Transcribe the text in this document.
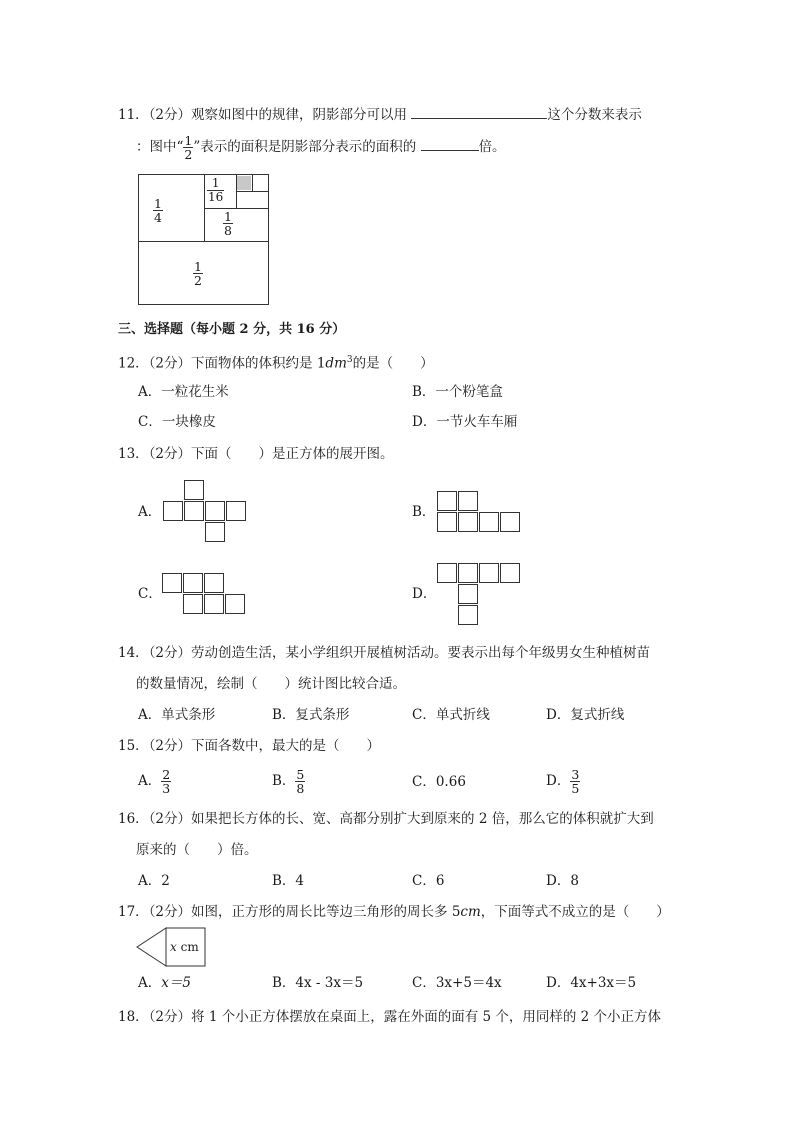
11．（2分）观察如图中的规律，阴影部分可以用	这个分数来表示
：图中“ $\frac{1}{2}$ ”表示的面积是阴影部分表示的面积的	倍。
$\frac{1}{4}$
$\frac{1}{16}$
$\frac{1}{8}$
$\frac{1}{2}$
三、选择题（每小题 2 分，共 16 分）
12．（2分）下面物体的体积约是 $1dm^3$的是（　　）
A．一粒花生米	B．一个粉笔盒
C．一块橡皮	D．一节火车车厢
13．（2分）下面（　　）是正方体的展开图。
A．	B．
C．	D．
14．（2分）劳动创造生活，某小学组织开展植树活动。要表示出每个年级男女生种植树苗
的数量情况，绘制（　　）统计图比较合适。
A．单式条形	B．复式条形	C．单式折线	D．复式折线
15．（2分）下面各数中，最大的是（　　）
A． $\frac{2}{3}$	B． $\frac{5}{8}$	C．0.66	D． $\frac{3}{5}$
16．（2分）如果把长方体的长、宽、高都分别扩大到原来的 2 倍，那么它的体积就扩大到
原来的（　　）倍。
A．2	B．4	C．6	D．8
17．（2分）如图，正方形的周长比等边三角形的周长多 5cm，下面等式不成立的是（　　）
x cm
A．x＝5	B．4x - 3x＝5	C．3x+5＝4x	D．4x+3x＝5
18．（2分）将 1 个小正方体摆放在桌面上，露在外面的面有 5 个，用同样的 2 个小正方体
